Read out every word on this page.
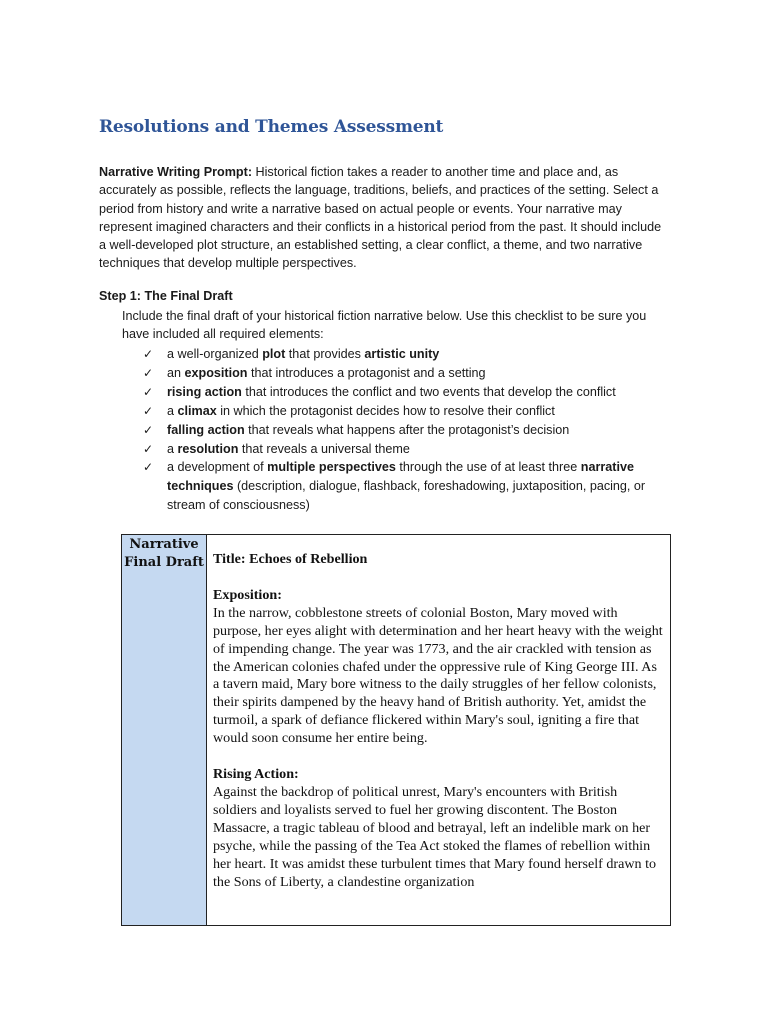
Resolutions and Themes Assessment

Narrative Writing Prompt: Historical fiction takes a reader to another time and place and, as accurately as possible, reflects the language, traditions, beliefs, and practices of the setting. Select a period from history and write a narrative based on actual people or events. Your narrative may represent imagined characters and their conflicts in a historical period from the past. It should include a well-developed plot structure, an established setting, a clear conflict, a theme, and two narrative techniques that develop multiple perspectives.

Step 1: The Final Draft
Include the final draft of your historical fiction narrative below. Use this checklist to be sure you have included all required elements:
✓ a well-organized plot that provides artistic unity
✓ an exposition that introduces a protagonist and a setting
✓ rising action that introduces the conflict and two events that develop the conflict
✓ a climax in which the protagonist decides how to resolve their conflict
✓ falling action that reveals what happens after the protagonist’s decision
✓ a resolution that reveals a universal theme
✓ a development of multiple perspectives through the use of at least three narrative techniques (description, dialogue, flashback, foreshadowing, juxtaposition, pacing, or stream of consciousness)
Narrative Final Draft	Title: Echoes of Rebellion

Exposition:

In the narrow, cobblestone streets of colonial Boston, Mary moved with purpose, her eyes alight with determination and her heart heavy with the weight of impending change. The year was 1773, and the air crackled with tension as the American colonies chafed under the oppressive rule of King George III. As a tavern maid, Mary bore witness to the daily struggles of her fellow colonists, their spirits dampened by the heavy hand of British authority. Yet, amidst the turmoil, a spark of defiance flickered within Mary's soul, igniting a fire that would soon consume her entire being.

Rising Action:

Against the backdrop of political unrest, Mary's encounters with British soldiers and loyalists served to fuel her growing discontent. The Boston Massacre, a tragic tableau of blood and betrayal, left an indelible mark on her psyche, while the passing of the Tea Act stoked the flames of rebellion within her heart. It was amidst these turbulent times that Mary found herself drawn to the Sons of Liberty, a clandestine organization
